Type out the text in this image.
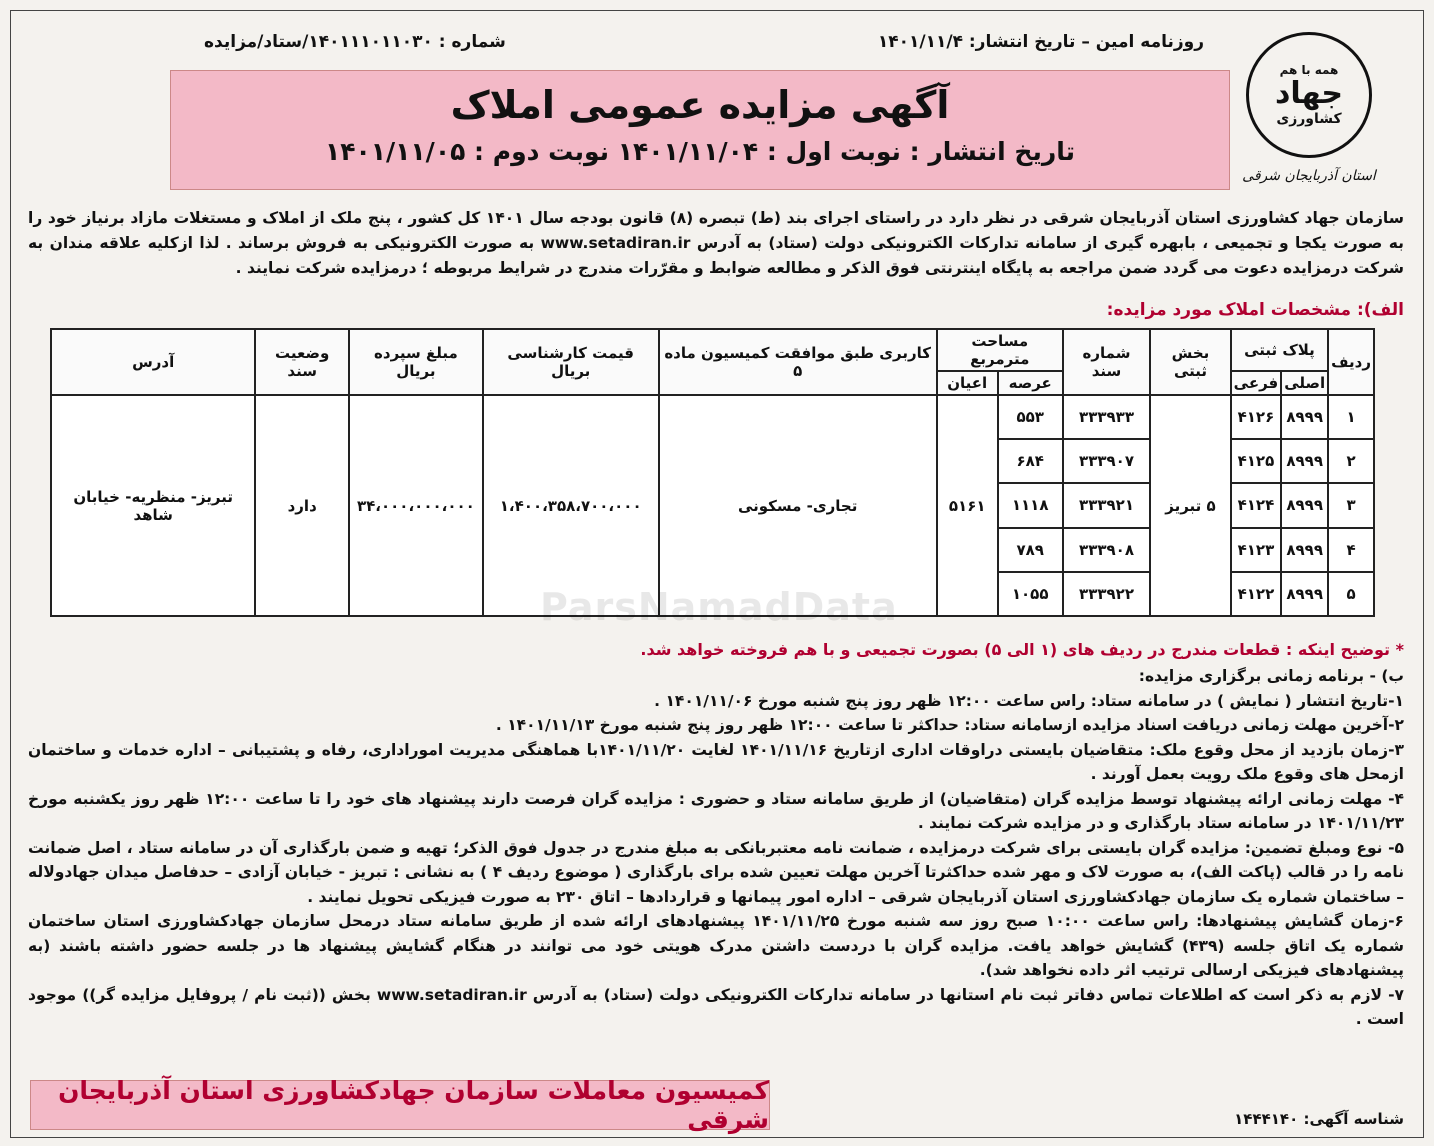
روزنامه امین – تاریخ انتشار: ۱۴۰۱/۱۱/۴
شماره : ۱۴۰۱۱۱۰۱۱۰۳۰/ستاد/مزایده
همه با هم
جهاد
کشاورزی
استان آذربایجان شرقی
آگهی مزایده عمومی املاک
تاریخ انتشار : نوبت اول : ۱۴۰۱/۱۱/۰۴ نوبت دوم : ۱۴۰۱/۱۱/۰۵
سازمان جهاد کشاورزی استان آذربایجان شرقی در نظر دارد در راستای اجرای بند (ط) تبصره (۸) قانون بودجه سال ۱۴۰۱ کل کشور ، پنج ملک از املاک و مستغلات مازاد برنیاز خود را به صورت یکجا و تجمیعی ، بابهره گیری از سامانه تدارکات الکترونیکی دولت (ستاد) به آدرس www.setadiran.ir به صورت الکترونیکی به فروش برساند . لذا ازکلیه علاقه مندان به شرکت درمزایده دعوت می گردد ضمن مراجعه به پایگاه اینترنتی فوق الذکر و مطالعه ضوابط و مقرّرات مندرج در شرایط مربوطه ؛ درمزایده شرکت نمایند .
الف): مشخصات املاک مورد مزایده:
ردیف	پلاک ثبتی		بخش ثبتی	شماره سند	مساحت مترمربع		کاربری طبق موافقت کمیسیون ماده ۵	قیمت کارشناسی بریال	مبلغ سپرده بریال	وضعیت سند	آدرس
	اصلی	فرعی			عرصه	اعیان					
۱	۸۹۹۹	۴۱۲۶	۵ تبریز	۳۳۳۹۳۳	۵۵۳	۵۱۶۱	تجاری- مسکونی	۱،۴۰۰،۳۵۸،۷۰۰،۰۰۰	۳۴،۰۰۰،۰۰۰،۰۰۰	دارد	تبریز- منظریه- خیابان شاهد
۲	۸۹۹۹	۴۱۲۵		۳۳۳۹۰۷	۶۸۴						
۳	۸۹۹۹	۴۱۲۴		۳۳۳۹۲۱	۱۱۱۸						
۴	۸۹۹۹	۴۱۲۳		۳۳۳۹۰۸	۷۸۹						
۵	۸۹۹۹	۴۱۲۲		۳۳۳۹۲۲	۱۰۵۵						
ParsNamadData
* توضیح اینکه : قطعات مندرج در ردیف های (۱ الی ۵) بصورت تجمیعی و با هم فروخته خواهد شد.

ب) - برنامه زمانی برگزاری مزایده:

۱-تاریخ انتشار ( نمایش ) در سامانه ستاد: راس ساعت ۱۲:۰۰ ظهر روز پنج شنبه مورخ ۱۴۰۱/۱۱/۰۶ .

۲-آخرین مهلت زمانی دریافت اسناد مزایده ازسامانه ستاد: حداکثر تا ساعت ۱۲:۰۰ ظهر روز پنج شنبه مورخ ۱۴۰۱/۱۱/۱۳ .

۳-زمان بازدید از محل وقوع ملک: متقاضیان بایستی دراوقات اداری ازتاریخ ۱۴۰۱/۱۱/۱۶ لغایت ۱۴۰۱/۱۱/۲۰با هماهنگی مدیریت اموراداری، رفاه و پشتیبانی – اداره خدمات و ساختمان ازمحل های وقوع ملک رویت بعمل آورند .

۴- مهلت زمانی ارائه پیشنهاد توسط مزایده گران (متقاضیان) از طریق سامانه ستاد و حضوری : مزایده گران فرصت دارند پیشنهاد های خود را تا ساعت ۱۲:۰۰ ظهر روز یکشنبه مورخ ۱۴۰۱/۱۱/۲۳ در سامانه ستاد بارگذاری و در مزایده شرکت نمایند .

۵- نوع ومبلغ تضمین: مزایده گران بایستی برای شرکت درمزایده ، ضمانت نامه معتبربانکی به مبلغ مندرج در جدول فوق الذکر؛ تهیه و ضمن بارگذاری آن در سامانه ستاد ، اصل ضمانت نامه را در قالب (پاکت الف)، به صورت لاک و مهر شده حداکثرتا آخرین مهلت تعیین شده برای بارگذاری ( موضوع ردیف ۴ ) به نشانی : تبریز - خیابان آزادی – حدفاصل میدان جهادولاله – ساختمان شماره یک سازمان جهادکشاورزی استان آذربایجان شرقی – اداره امور پیمانها و قراردادها – اتاق ۲۳۰ به صورت فیزیکی تحویل نمایند .

۶-زمان گشایش پیشنهادها: راس ساعت ۱۰:۰۰ صبح روز سه شنبه مورخ ۱۴۰۱/۱۱/۲۵ پیشنهادهای ارائه شده از طریق سامانه ستاد درمحل سازمان جهادکشاورزی استان ساختمان شماره یک اتاق جلسه (۴۳۹) گشایش خواهد یافت. مزایده گران با دردست داشتن مدرک هویتی خود می توانند در هنگام گشایش پیشنهاد ها در جلسه حضور داشته باشند (به پیشنهادهای فیزیکی ارسالی ترتیب اثر داده نخواهد شد).

۷- لازم به ذکر است که اطلاعات تماس دفاتر ثبت نام استانها در سامانه تدارکات الکترونیکی دولت (ستاد) به آدرس www.setadiran.ir بخش ((ثبت نام / پروفایل مزایده گر)) موجود است .

کمیسیون معاملات سازمان جهادکشاورزی استان آذربایجان شرقی	شناسه آگهی: ۱۴۴۴۱۴۰
